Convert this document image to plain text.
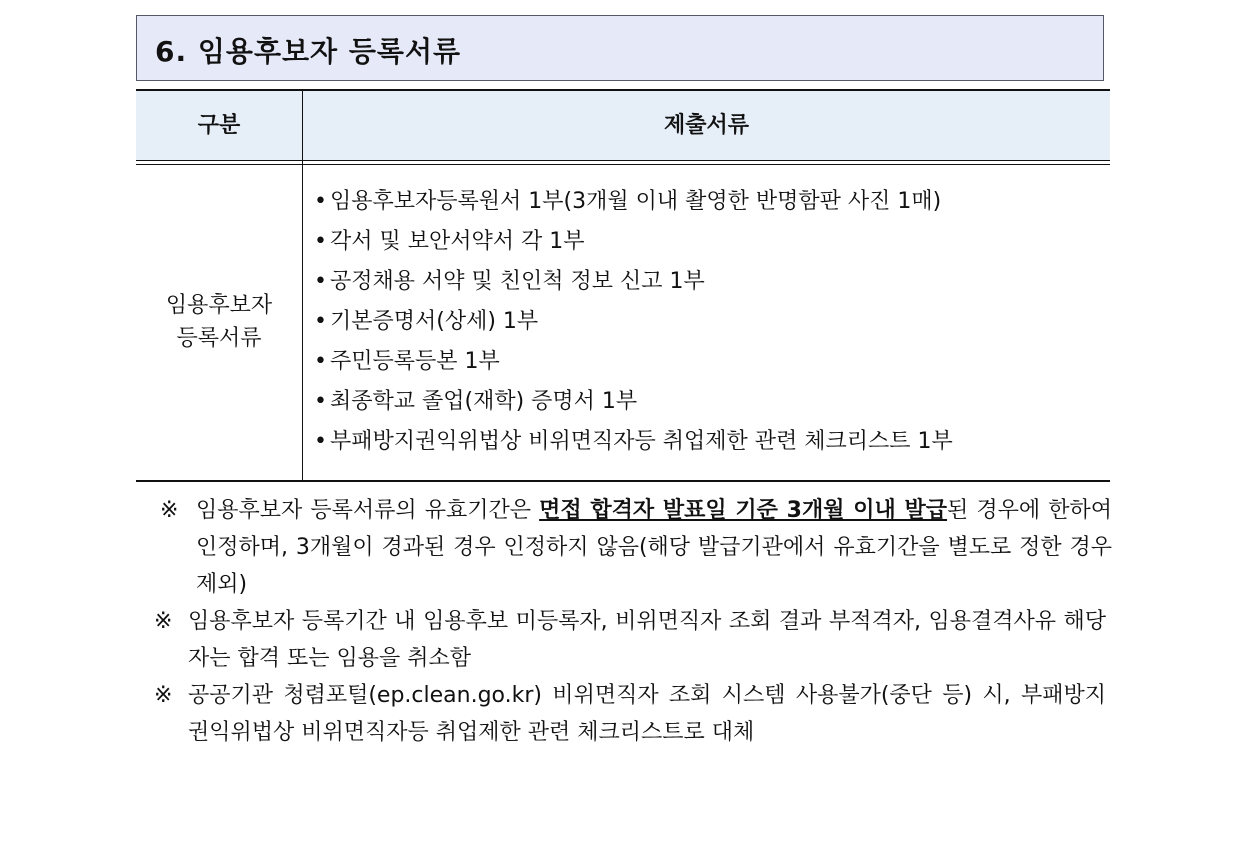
6. 임용후보자 등록서류
구분	제출서류
임용후보자
등록서류
• 임용후보자등록원서 1부(3개월 이내 촬영한 반명함판 사진 1매)
• 각서 및 보안서약서 각 1부
• 공정채용 서약 및 친인척 정보 신고 1부
• 기본증명서(상세) 1부
• 주민등록등본 1부
• 최종학교 졸업(재학) 증명서 1부
• 부패방지권익위법상 비위면직자등 취업제한 관련 체크리스트 1부
※ 임용후보자 등록서류의 유효기간은 면접 합격자 발표일 기준 3개월 이내 발급된 경우에 한하여 인정하며, 3개월이 경과된 경우 인정하지 않음(해당 발급기관에서 유효기간을 별도로 정한 경우 제외)
※ 임용후보자 등록기간 내 임용후보 미등록자, 비위면직자 조회 결과 부적격자, 임용결격사유 해당자는 합격 또는 임용을 취소함
※ 공공기관 청렴포털(ep.clean.go.kr) 비위면직자 조회 시스템 사용불가(중단 등) 시, 부패방지 권익위법상 비위면직자등 취업제한 관련 체크리스트로 대체
